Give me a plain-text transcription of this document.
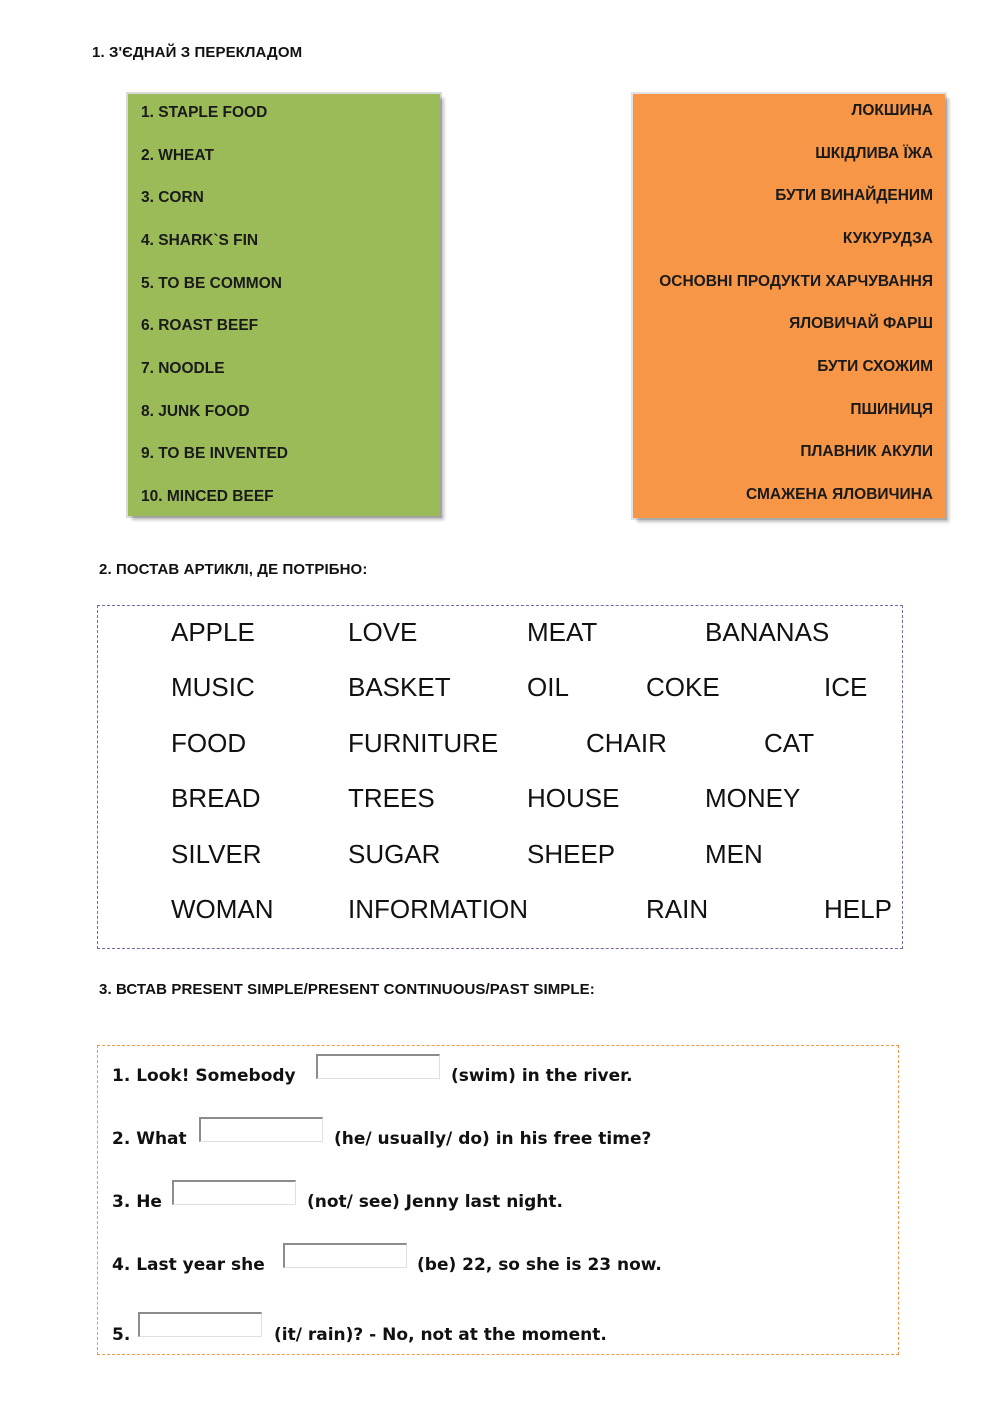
1. З'ЄДНАЙ З ПЕРЕКЛАДОМ
1. STAPLE FOOD
2. WHEAT
3. CORN
4. SHARK`S FIN
5. TO BE COMMON
6. ROAST BEEF
7. NOODLE
8. JUNK FOOD
9. TO BE INVENTED
10. MINCED BEEF
ЛОКШИНА
ШКІДЛИВА ЇЖА
БУТИ ВИНАЙДЕНИМ
КУКУРУДЗА
ОСНОВНІ ПРОДУКТИ ХАРЧУВАННЯ
ЯЛОВИЧАЙ ФАРШ
БУТИ СХОЖИМ
ПШИНИЦЯ
ПЛАВНИК АКУЛИ
СМАЖЕНА ЯЛОВИЧИНА
2. ПОСТАВ АРТИКЛІ, ДЕ ПОТРІБНО:
APPLE	LOVE	MEAT	BANANAS
MUSIC	BASKET	OIL	COKE	ICE
FOOD	FURNITURE	CHAIR	CAT
BREAD	TREES	HOUSE	MONEY
SILVER	SUGAR	SHEEP	MEN
WOMAN	INFORMATION	RAIN	HELP
3. ВСТАВ PRESENT SIMPLE/PRESENT CONTINUOUS/PAST SIMPLE:
1. Look! Somebody	(swim) in the river.
2. What	(he/ usually/ do) in his free time?
3. He	(not/ see) Jenny last night.
4. Last year she	(be) 22, so she is 23 now.
5.	(it/ rain)? - No, not at the moment.
